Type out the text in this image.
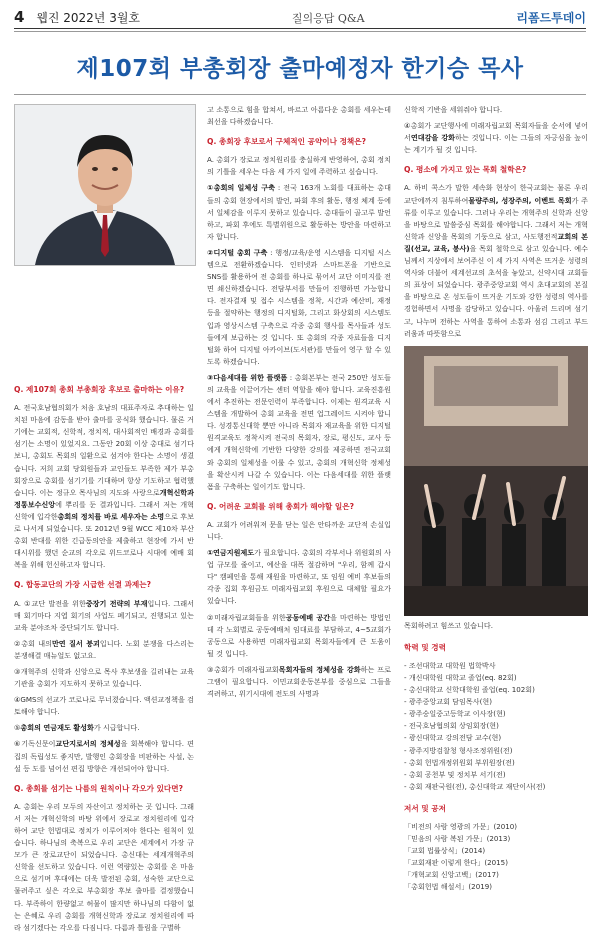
4 웹진 2022년 3월호	질의응답 Q&A	리폼드투데이
제107회 부총회장 출마예정자 한기승 목사
Q. 제107회 총회 부총회장 후보로 출마하는 이유?

A. 전국호남협의회가 처음 호남의 대표주자로 추대하는 일치된 마음에 감동을 받아 출마를 공식화 했습니다. 물론 거기에는 교회적, 신학적, 정치적, 대사회적인 배경과 총회를 섬기는 소명이 있었지요. 그동안 20회 이상 총대로 섬기다보니, 총회도 목회의 일환으로 섬겨야 한다는 소명이 생겼습니다. 저희 교회 당회원들과 교인들도 부족한 제가 부총회장으로 총회를 섬기기를 기대하며 항상 기도하고 협력했습니다. 이는 정규오 목사님의 지도와 사랑으로개혁신학과 정통보수신앙에 뿌리를 둔 결과입니다. 그래서 저는 개혁신학에 입각한총회의 정치를 바로 세우자는 소명으로 후보로 나서게 되었습니다. 또 2012년 9월 WCC 제10차 부산총회 반대를 위한 긴급동의안을 제출하고 현장에 가서 반대시위를 했던 순교의 각오로 위드코로나 시대에 예배 회복을 위해 헌신하고자 합니다.

Q. 합동교단의 가장 시급한 선결 과제는?

A. ①교단 발전을 위한중장기 전략의 부재입니다. 그래서 매 회기마다 지엽 회기의 사업도 폐기되고, 진행되고 있는 교육 분야조차 중단되기도 합니다.

②총회 내의만연 질서 붕괴입니다. 노회 분쟁을 다스리는 분쟁해결 매뉴얼도 없고요.

③개혁주의 신학과 신앙으로 목사 후보생을 길러내는 교육기관을 총회가 지도하지 못하고 있습니다.

④GMS의 선교가 코로나로 무너졌습니다. 액션교정책을 검토해야 합니다.

⑤총회의 연금재도 활성화가 시급합니다.

⑥기독신문이교단지로서의 정체성을 회복해야 합니다. 편집의 독립성도 좋지만, 발행인 총회장을 비판하는 사설, 논설 등 도를 넘어선 편집 방향은 개선되어야 합니다.

Q. 총회를 섬기는 나름의 원칙이나 각오가 있다면?

A. 총회는 우리 모두의 자산이고 정치하는 곳 입니다. 그래서 저는 개혁신학의 바탕 위에서 장로교 정치원리에 입각하여 교단 헌법대로 정치가 이루어져야 한다는 원칙이 있습니다. 하나님의 축복으로 우리 교단은 세계에서 가장 규모가 큰 장로교단이 되었습니다. 총신대는 세계개혁주의 신학을 선도하고 있습니다. 이런 역량있는 총회를 온 마음으로 섬기며 후대에는 더욱 발전된 총회, 성숙한 교단으로 물려주고 싶은 각오로 부총회장 후보 출마를 결정했습니다. 부족하이 한량없고 허물이 많지만 하나님의 다함이 없는 은혜로 우리 총회를 개혁신학과 장로교 정치원리에 따라 섬기겠다는 각오를 다짐니다. 다름과 틀림을 구별하

고 소통으로 힘을 합쳐서, 바르고 아름다운 총회를 세우는데 최선을 다하겠습니다.

Q. 총회장 후보로서 구체적인 공약이나 정책은?

A. 총회가 장로교 정치원리를 충실하게 반영하여, 총회 정치의 기틀을 세우는 다음 세 가지 일에 주력하고 싶습니다.

①총회의 일체성 구축 : 전국 163개 노회를 대표하는 총대들의 총회 현장에서의 발언, 파회 후의 활동, 행정 체계 등에서 일체감을 이루지 못하고 있습니다. 총대들이 골고루 발언하고, 파회 후에도 특별위원으로 활동하는 방안을 마련하고자 합니다.

②디지털 총회 구축 : 행정/교육/운영 시스템을 디지털 시스템으로 전환하겠습니다. 인터넷과 스마트폰을 기반으로 SNS를 활용하여 전 총회를 하나로 묶어서 교단 이미지를 전면 쇄신하겠습니다. 전담부서를 만들어 진행하면 가능합니다. 전자결재 및 접수 시스템을 정착, 시간과 예산비, 재정 등을 절약하는 행정의 디지털화, 그리고 화상회의 시스템도입과 영상시스템 구축으로 각종 총회 행사를 목사들과 성도들에게 보급하는 것 입니다. 또 총회의 각종 자료들을 디지털화 하여 디지털 아카이브(도서관)를 만들어 영구 할 수 있도록 하겠습니다.

③다음세대를 위한 플랫폼 : 총회본부는 전국 250만 성도들의 교육을 이끌어가는 센터 역할을 해야 합니다. 교육진흥원에서 추진하는 전문인력이 부족합니다. 이제는 원격교육 시스템을 개발하여 총회 교육을 전면 업그레이드 시켜야 합니다. 성경통신대학 뿐만 아니라 목회자 재교육을 위한 디지털 원격교육도 정착시켜 전국의 목회자, 장로, 평신도, 교사 등에게 개혁신학에 기반한 다양한 강의를 제공하면 전국교회와 총회의 일체성을 이룰 수 있고, 총회의 개혁신학 정체성을 확산시켜 나갈 수 있습니다. 이는 다음세대를 위한 플랫폼을 구축하는 일이기도 합니다.

Q. 어려운 교회를 위해 총회가 해야할 일은?

A. 교회가 어려워져 문을 닫는 일은 안타까운 교단적 손실입니다.

①연금지원제도가 필요합니다. 총회의 각부서나 위원회의 사업 규모를 줄이고, 예산을 대폭 절감하며 "우리, 함께 갑시다" 캠페인을 통해 재원을 마련하고, 또 임원 예비 후보들의 각종 집회 후원금도 미래자립교회 후원으로 대체할 필요가 있습니다.

②미래자립교회들을 위한공동예배 공간을 마련하는 방법인데 각 노회별로 공동예배처 임대료를 부담하고, 4~5교회가 공동으로 사용하면 미래자립교회 목회자들에게 큰 도움이 될 것 입니다.

③총회가 미래자립교회목회자들의 정체성을 강화하는 프로그램이 필요합니다. 이민교회운동본부를 중심으로 그들을 격려하고, 위기시대에 전도의 사명과

신학적 기반을 세워줘야 합니다.

④총회가 교단행사에 미래자립교회 목회자들을 순서에 넣어서연대감을 강화하는 것입니다. 이는 그들의 자긍심을 높이는 계기가 될 것 입니다.

Q. 평소에 가지고 있는 목회 철학은?

A. 하비 콕스가 말한 세속화 현상이 한국교회는 물론 우리 교단에까지 침투하여물량주의, 성장주의, 이벤트 목회가 주류를 이루고 있습니다. 그러나 우리는 개혁주의 신학과 신앙을 바탕으로 말씀중심 목회를 해야합니다. 그래서 저는 개혁신학과 신앙을 목회의 기둥으로 삼고, 사도행전적교회의 본질(선교, 교육, 봉사)을 목회 철학으로 삼고 있습니다. 예수님께서 지상에서 보여주신 이 세 가지 사역은 뜨거운 성령의 역사와 더불어 세계선교의 초석을 놓았고, 신약시대 교회들의 표상이 되었습니다. 광주중앙교회 역시 초대교회의 본질을 바탕으로 온 성도들이 뜨거운 기도와 강한 성령의 역사를 경험하면서 사명을 감당하고 있습니다. 아울러 드리며 섬기고, 나누며 전하는 사역을 통하여 소통과 섬김 그리고 부드러움과 따뜻함으로

목회하려고 힘쓰고 있습니다.

학력 및 경력
- 조선대학교 대학원 법학박사
- 개신대학원 대학교 졸업(eq. 82회)
- 총신대학교 신학대학원 졸업(eq. 102회)
- 광주중앙교회 담임목사(현)
- 광주숭일중고등학교 이사장(현)
- 전국호남협의회 상임회장(현)
- 광신대학교 강의전담 교수(현)
- 광주지방검찰청 형사조정위원(전)
- 총회 헌법개정위원회 부위원장(전)
- 총회 공천부 및 정치부 서기(전)
- 총회 재판국원(전), 총신대학교 재단이사(전)
저서 및 공저
「비전의 사람 영광의 가문」(2010)
「믿음의 사람 복된 가문」(2013)
「교회 법률상식」(2014)
「교회재판 이렇게 한다」(2015)
「개혁교회 신앙고백」(2017)
「총회헌법 해설서」(2019)
